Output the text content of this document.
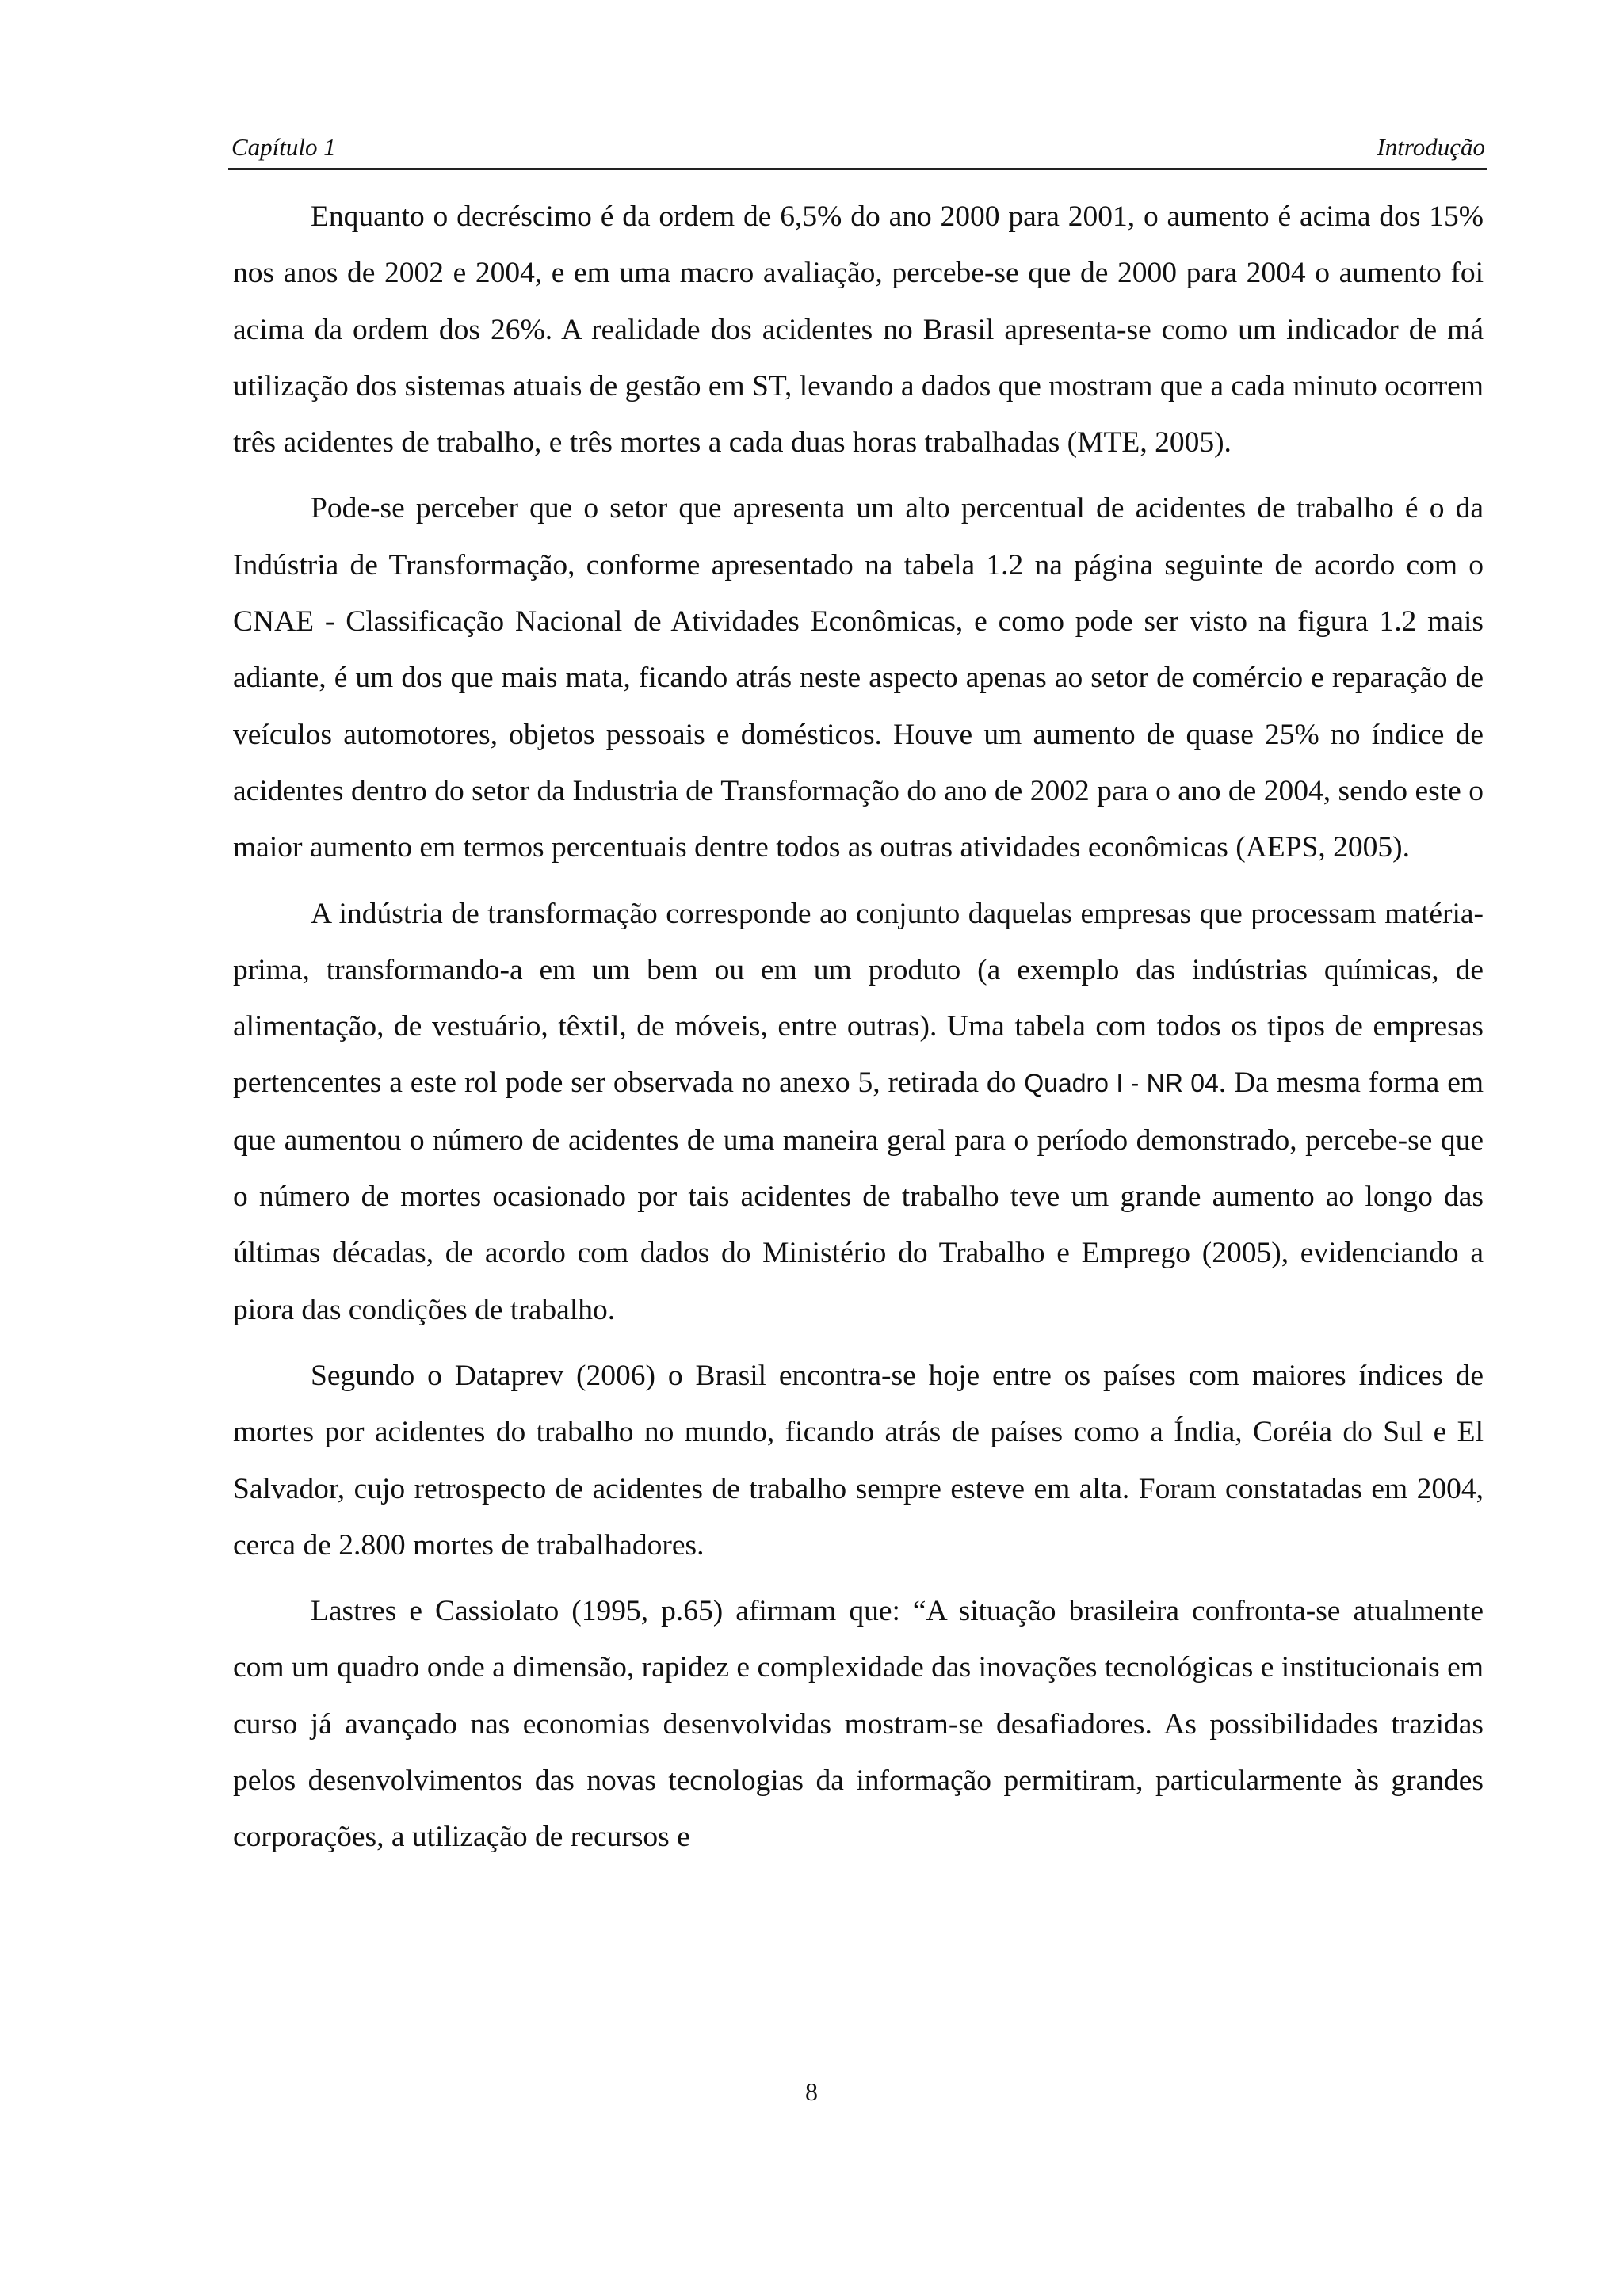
Capítulo 1	Introdução

Enquanto o decréscimo é da ordem de 6,5% do ano 2000 para 2001, o aumento é acima dos 15% nos anos de 2002 e 2004, e em uma macro avaliação, percebe-se que de 2000 para 2004 o aumento foi acima da ordem dos 26%. A realidade dos acidentes no Brasil apresenta-se como um indicador de má utilização dos sistemas atuais de gestão em ST, levando a dados que mostram que a cada minuto ocorrem três acidentes de trabalho, e três mortes a cada duas horas trabalhadas (MTE, 2005).

Pode-se perceber que o setor que apresenta um alto percentual de acidentes de trabalho é o da Indústria de Transformação, conforme apresentado na tabela 1.2 na página seguinte de acordo com o CNAE - Classificação Nacional de Atividades Econômicas, e como pode ser visto na figura 1.2 mais adiante, é um dos que mais mata, ficando atrás neste aspecto apenas ao setor de comércio e reparação de veículos automotores, objetos pessoais e domésticos. Houve um aumento de quase 25% no índice de acidentes dentro do setor da Industria de Transformação do ano de 2002 para o ano de 2004, sendo este o maior aumento em termos percentuais dentre todos as outras atividades econômicas (AEPS, 2005).

A indústria de transformação corresponde ao conjunto daquelas empresas que processam matéria-prima, transformando-a em um bem ou em um produto (a exemplo das indústrias químicas, de alimentação, de vestuário, têxtil, de móveis, entre outras). Uma tabela com todos os tipos de empresas pertencentes a este rol pode ser observada no anexo 5, retirada do Quadro I - NR 04. Da mesma forma em que aumentou o número de acidentes de uma maneira geral para o período demonstrado, percebe-se que o número de mortes ocasionado por tais acidentes de trabalho teve um grande aumento ao longo das últimas décadas, de acordo com dados do Ministério do Trabalho e Emprego (2005), evidenciando a piora das condições de trabalho.

Segundo o Dataprev (2006) o Brasil encontra-se hoje entre os países com maiores índices de mortes por acidentes do trabalho no mundo, ficando atrás de países como a Índia, Coréia do Sul e El Salvador, cujo retrospecto de acidentes de trabalho sempre esteve em alta. Foram constatadas em 2004, cerca de 2.800 mortes de trabalhadores.

Lastres e Cassiolato (1995, p.65) afirmam que: “A situação brasileira confronta-se atualmente com um quadro onde a dimensão, rapidez e complexidade das inovações tecnológicas e institucionais em curso já avançado nas economias desenvolvidas mostram-se desafiadores. As possibilidades trazidas pelos desenvolvimentos das novas tecnologias da informação permitiram, particularmente às grandes corporações, a utilização de recursos e

8
